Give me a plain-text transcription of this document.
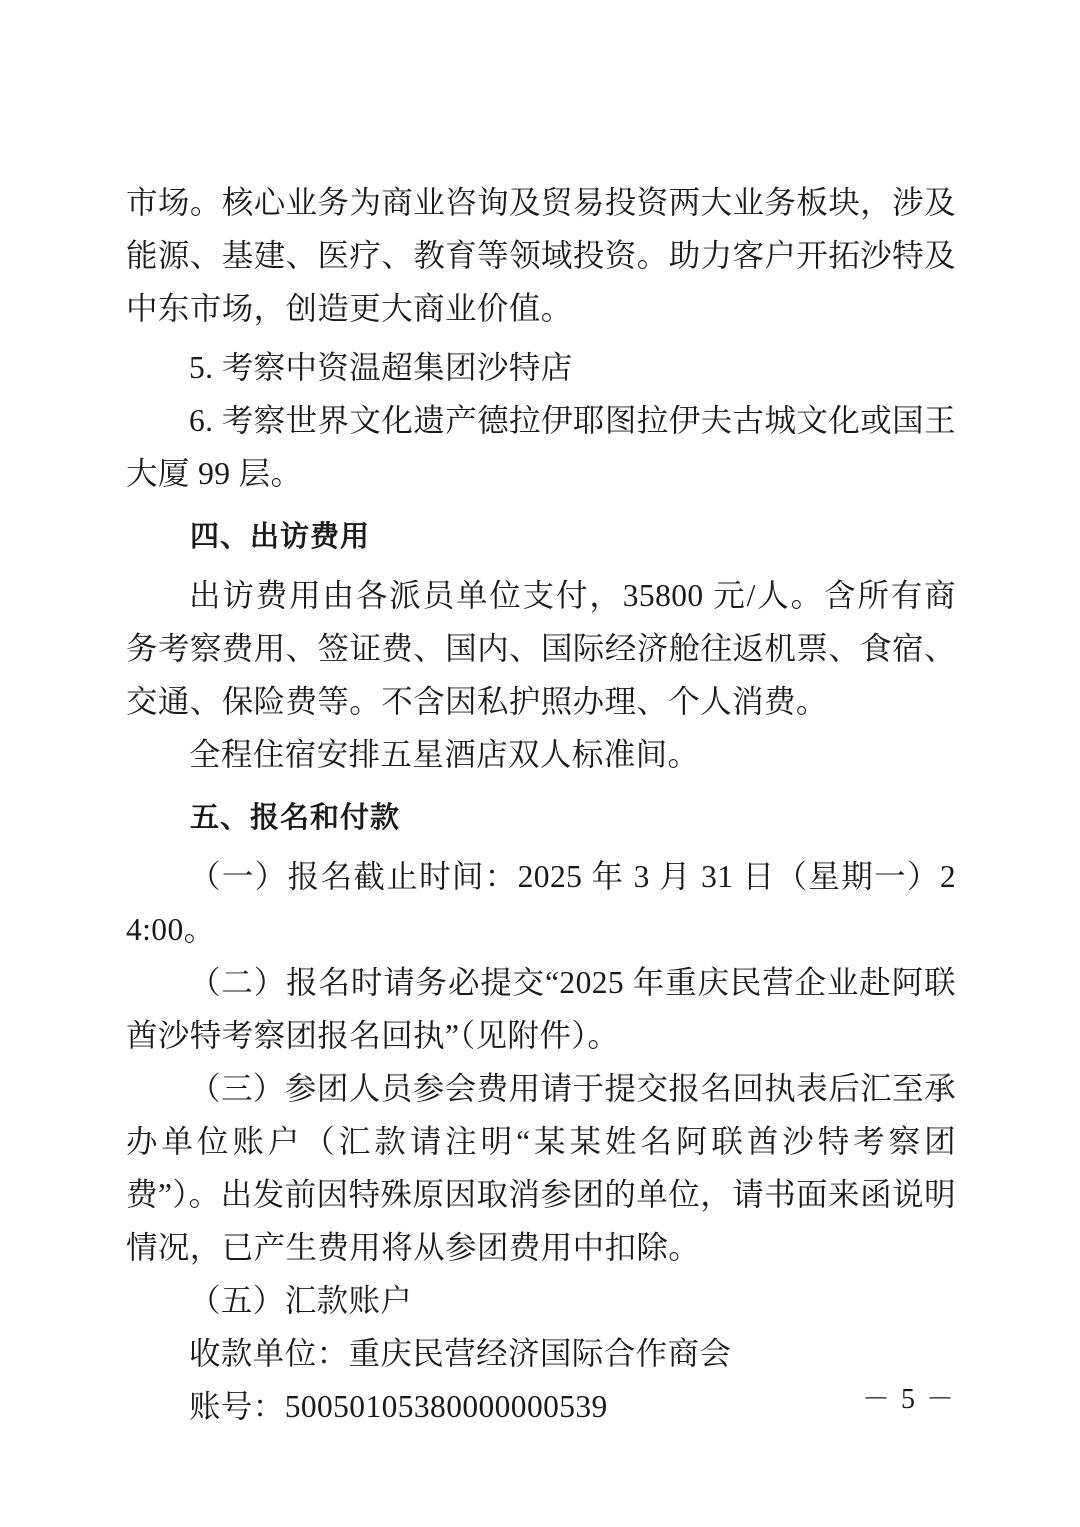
市场。核心业务为商业咨询及贸易投资两大业务板块，涉及能源、基建、医疗、教育等领域投资。助力客户开拓沙特及中东市场，创造更大商业价值。

5. 考察中资温超集团沙特店

6. 考察世界文化遗产德拉伊耶图拉伊夫古城文化或国王大厦 99 层。

四、出访费用

出访费用由各派员单位支付，35800 元/人。含所有商务考察费用、签证费、国内、国际经济舱往返机票、食宿、交通、保险费等。不含因私护照办理、个人消费。

全程住宿安排五星酒店双人标准间。

五、报名和付款

（一）报名截止时间：2025 年 3 月 31 日（星期一）24:00。

（二）报名时请务必提交“2025 年重庆民营企业赴阿联酋沙特考察团报名回执”（见附件）。

（三）参团人员参会费用请于提交报名回执表后汇至承办单位账户（汇款请注明“某某姓名阿联酋沙特考察团费”）。出发前因特殊原因取消参团的单位，请书面来函说明情况，已产生费用将从参团费用中扣除。

（五）汇款账户

收款单位：重庆民营经济国际合作商会

账号：50050105380000000539	－ 5 －
